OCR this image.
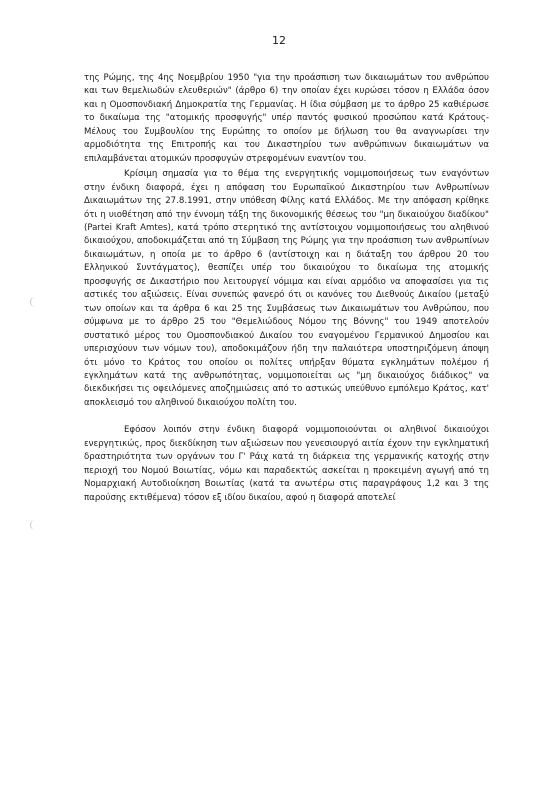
12

της Ρώμης, της 4ης Νοεμβρίου 1950 "για την προάσπιση των δικαιωμάτων του ανθρώπου και των θεμελιωδών ελευθεριών" (άρθρο 6) την οποίαν έχει κυρώσει τόσον η Ελλάδα όσον και η Ομοσπονδιακή Δημοκρατία της Γερμανίας. Η ίδια σύμβαση με το άρθρο 25 καθιέρωσε το δικαίωμα της "ατομικής προσφυγής" υπέρ παντός φυσικού προσώπου κατά Κράτους-Μέλους του Συμβουλίου της Ευρώπης το οποίον με δήλωση του θα αναγνωρίσει την αρμοδιότητα της Επιτροπής και του Δικαστηρίου των ανθρώπινων δικαιωμάτων να επιλαμβάνεται ατομικών προσφυγών στρεφομένων εναντίον του.

Κρίσιμη σημασία για το θέμα της ενεργητικής νομιμοποιήσεως των εναγόντων στην ένδικη διαφορά, έχει η απόφαση του Ευρωπαϊκού Δικαστηρίου των Ανθρωπίνων Δικαιωμάτων της 27.8.1991, στην υπόθεση Φίλης κατά Ελλάδος. Με την απόφαση κρίθηκε ότι η υιοθέτηση από την έννομη τάξη της δικονομικής θέσεως του "μη δικαιούχου διαδίκου" (Partei Kraft Amtes), κατά τρόπο στερητικό της αντίστοιχου νομιμοποιήσεως του αληθινού δικαιούχου, αποδοκιμάζεται από τη Σύμβαση της Ρώμης για την προάσπιση των ανθρωπίνων δικαιωμάτων, η οποία με το άρθρο 6 (αντίστοιχη και η διάταξη του άρθρου 20 του Ελληνικού Συντάγματος), θεσπίζει υπέρ του δικαιούχου το δικαίωμα της ατομικής προσφυγής σε Δικαστήριο που λειτουργεί νόμιμα και είναι αρμόδιο να αποφασίσει για τις αστικές του αξιώσεις. Είναι συνεπώς φανερό ότι οι κανόνες του Διεθνούς Δικαίου (μεταξύ των οποίων και τα άρθρα 6 και 25 της Συμβάσεως των Δικαιωμάτων του Ανθρώπου, που σύμφωνα με το άρθρο 25 του "Θεμελιώδους Νόμου της Βόννης" του 1949 αποτελούν συστατικό μέρος του Ομοσπονδιακού Δικαίου του εναγομένου Γερμανικού Δημοσίου και υπερισχύουν των νόμων του), αποδοκιμάζουν ήδη την παλαιότερα υποστηριζόμενη άποψη ότι μόνο το Κράτος του οποίου οι πολίτες υπήρξαν θύματα εγκλημάτων πολέμου ή εγκλημάτων κατά της ανθρωπότητας, νομιμοποιείται ως "μη δικαιούχος διάδικος" να διεκδικήσει τις οφειλόμενες αποζημιώσεις από το αστικώς υπεύθυνο εμπόλεμο Κράτος, κατ' αποκλεισμό του αληθινού δικαιούχου πολίτη του.

Εφόσον λοιπόν στην ένδικη διαφορά νομιμοποιούνται οι αληθινοί δικαιούχοι ενεργητικώς, προς διεκδίκηση των αξιώσεων που γενεσιουργό αιτία έχουν την εγκληματική δραστηριότητα των οργάνων του Γ' Ράιχ κατά τη διάρκεια της γερμανικής κατοχής στην περιοχή του Νομού Βοιωτίας, νόμω και παραδεκτώς ασκείται η προκειμένη αγωγή από τη Νομαρχιακή Αυτοδιοίκηση Βοιωτίας (κατά τα ανωτέρω στις παραγράφους 1,2 και 3 της παρούσης εκτιθέμενα) τόσον εξ ιδίου δικαίου, αφού η διαφορά αποτελεί
